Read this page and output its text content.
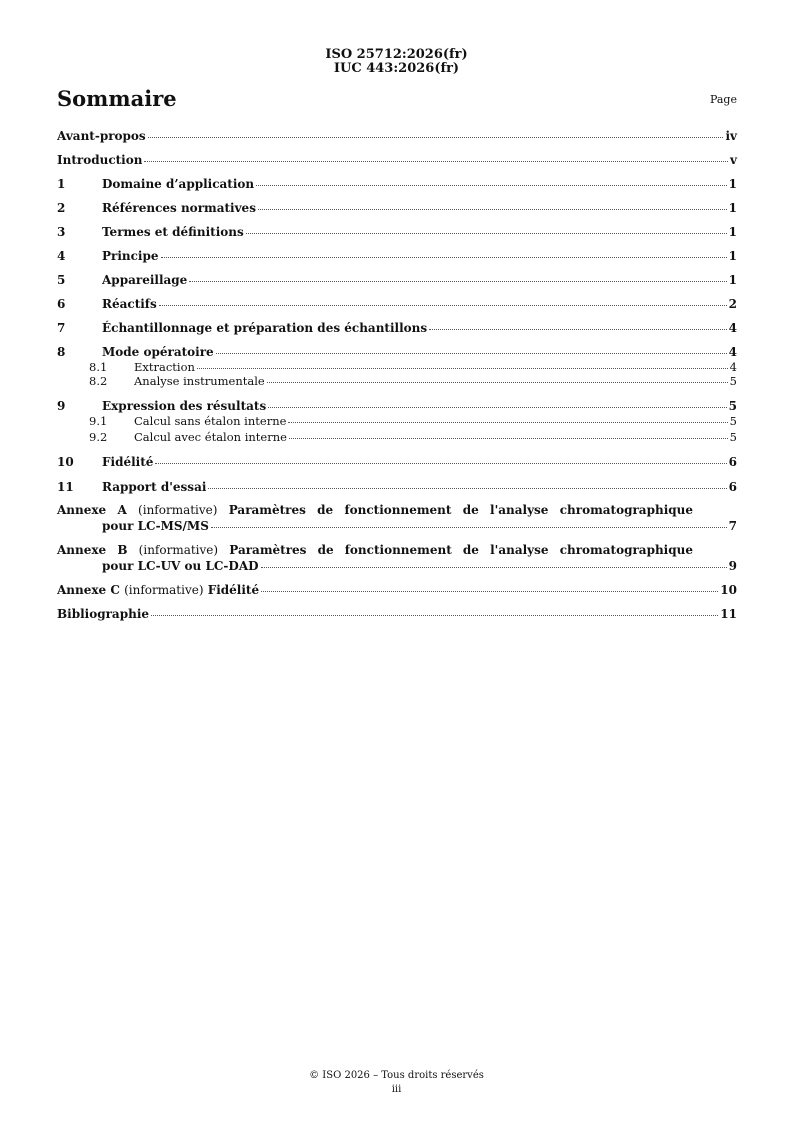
ISO 25712:2026(fr)
IUC 443:2026(fr)
Sommaire	Page
Avant-propos	iv
Introduction	v
1	Domaine d’application	1
2	Références normatives	1
3	Termes et définitions	1
4	Principe	1
5	Appareillage	1
6	Réactifs	2
7	Échantillonnage et préparation des échantillons	4
8	Mode opératoire	4
8.1	Extraction	4
8.2	Analyse instrumentale	5
9	Expression des résultats	5
9.1	Calcul sans étalon interne	5
9.2	Calcul avec étalon interne	5
10	Fidélité	6
11	Rapport d'essai	6
Annexe A (informative) Paramètres de fonctionnement de l'analyse chromatographique
pour LC-MS/MS	7
Annexe B (informative) Paramètres de fonctionnement de l'analyse chromatographique
pour LC-UV ou LC-DAD	9
Annexe C (informative) Fidélité	10
Bibliographie	11
© ISO 2026 – Tous droits réservés
iii
